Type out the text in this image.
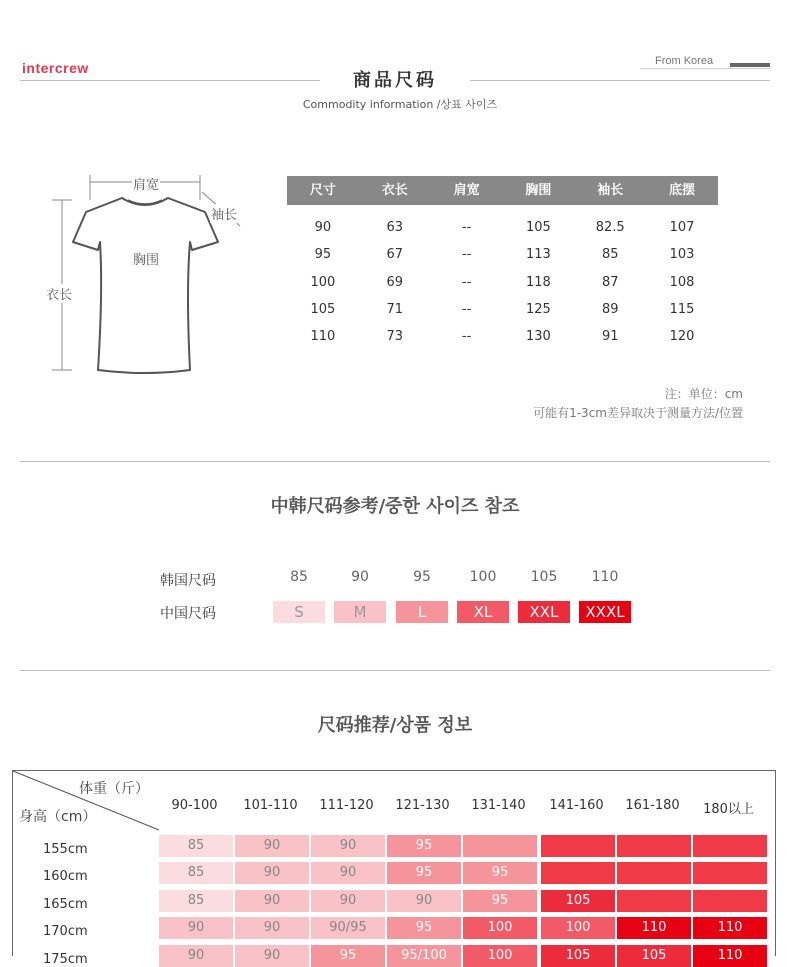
intercrew	From Korea
商品尺码
Commodity information /상표 사이즈
肩宽
袖长
胸围
衣长
尺寸	衣长	肩宽	胸围	袖长	底摆
90	63	--	105	82.5	107
95	67	--	113	85	103
100	69	--	118	87	108
105	71	--	125	89	115
110	73	--	130	91	120
注：单位：cm
可能有1-3cm差异取决于测量方法/位置
中韩尺码参考/중한 사이즈 참조
韩国尺码
中国尺码
85	90	95	100	105	110
S	M	L	XL	XXL	XXXL
尺码推荐/상품 정보
体重（斤）
身高（cm）
90-100	101-110	111-120	121-130	131-140	141-160	161-180	180以上
155cm	85	90	90	95
160cm	85	90	90	95	95
165cm	85	90	90	90	95	105
170cm	90	90	90/95	95	100	100	110	110
175cm	90	90	95	95/100	100	105	105	110
